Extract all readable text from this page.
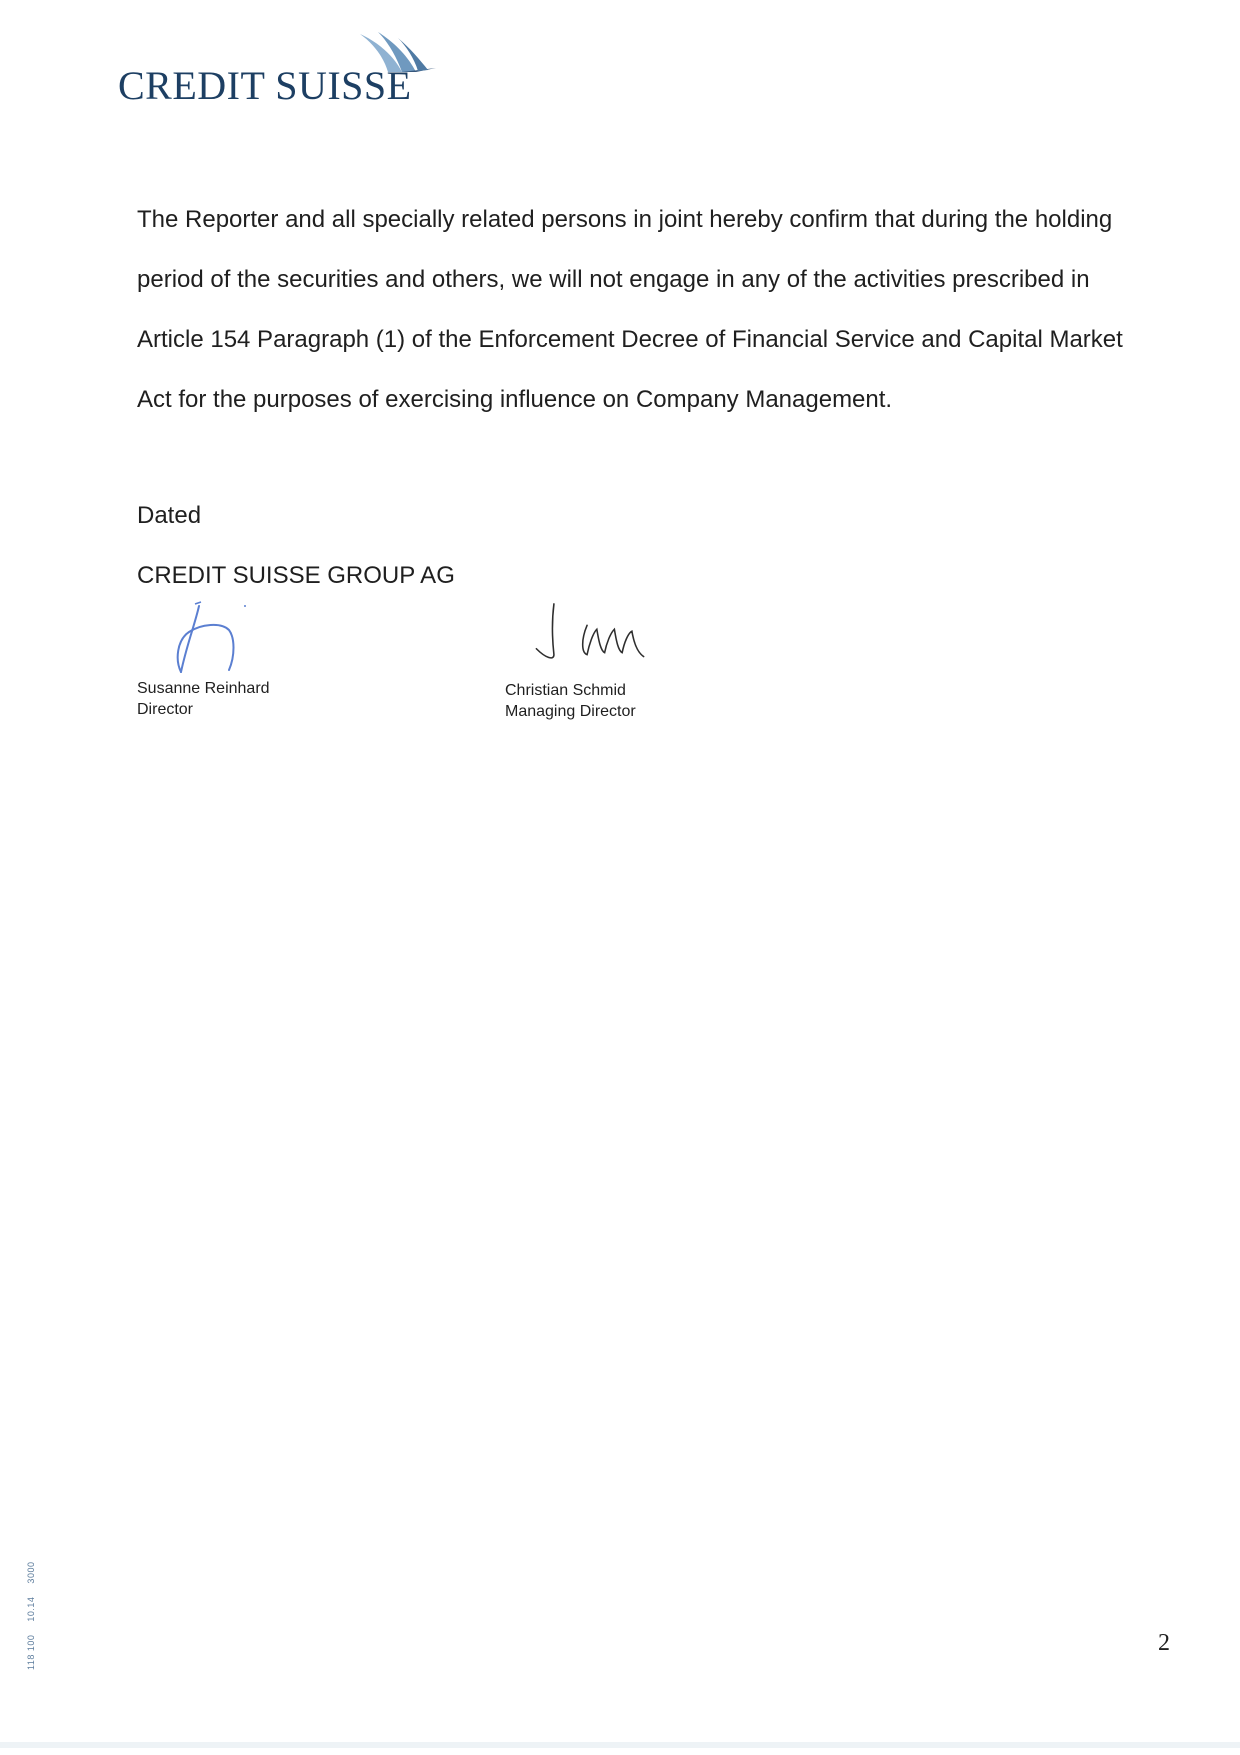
CREDIT SUISSE

The Reporter and all specially related persons in joint hereby confirm that during the holding period of the securities and others, we will not engage in any of the activities prescribed in Article 154 Paragraph (1) of the Enforcement Decree of Financial Service and Capital Market Act for the purposes of exercising influence on Company Management.

Dated
CREDIT SUISSE GROUP AG
Susanne Reinhard
Director
Christian Schmid
Managing Director
118 100 10.14 3000
2
